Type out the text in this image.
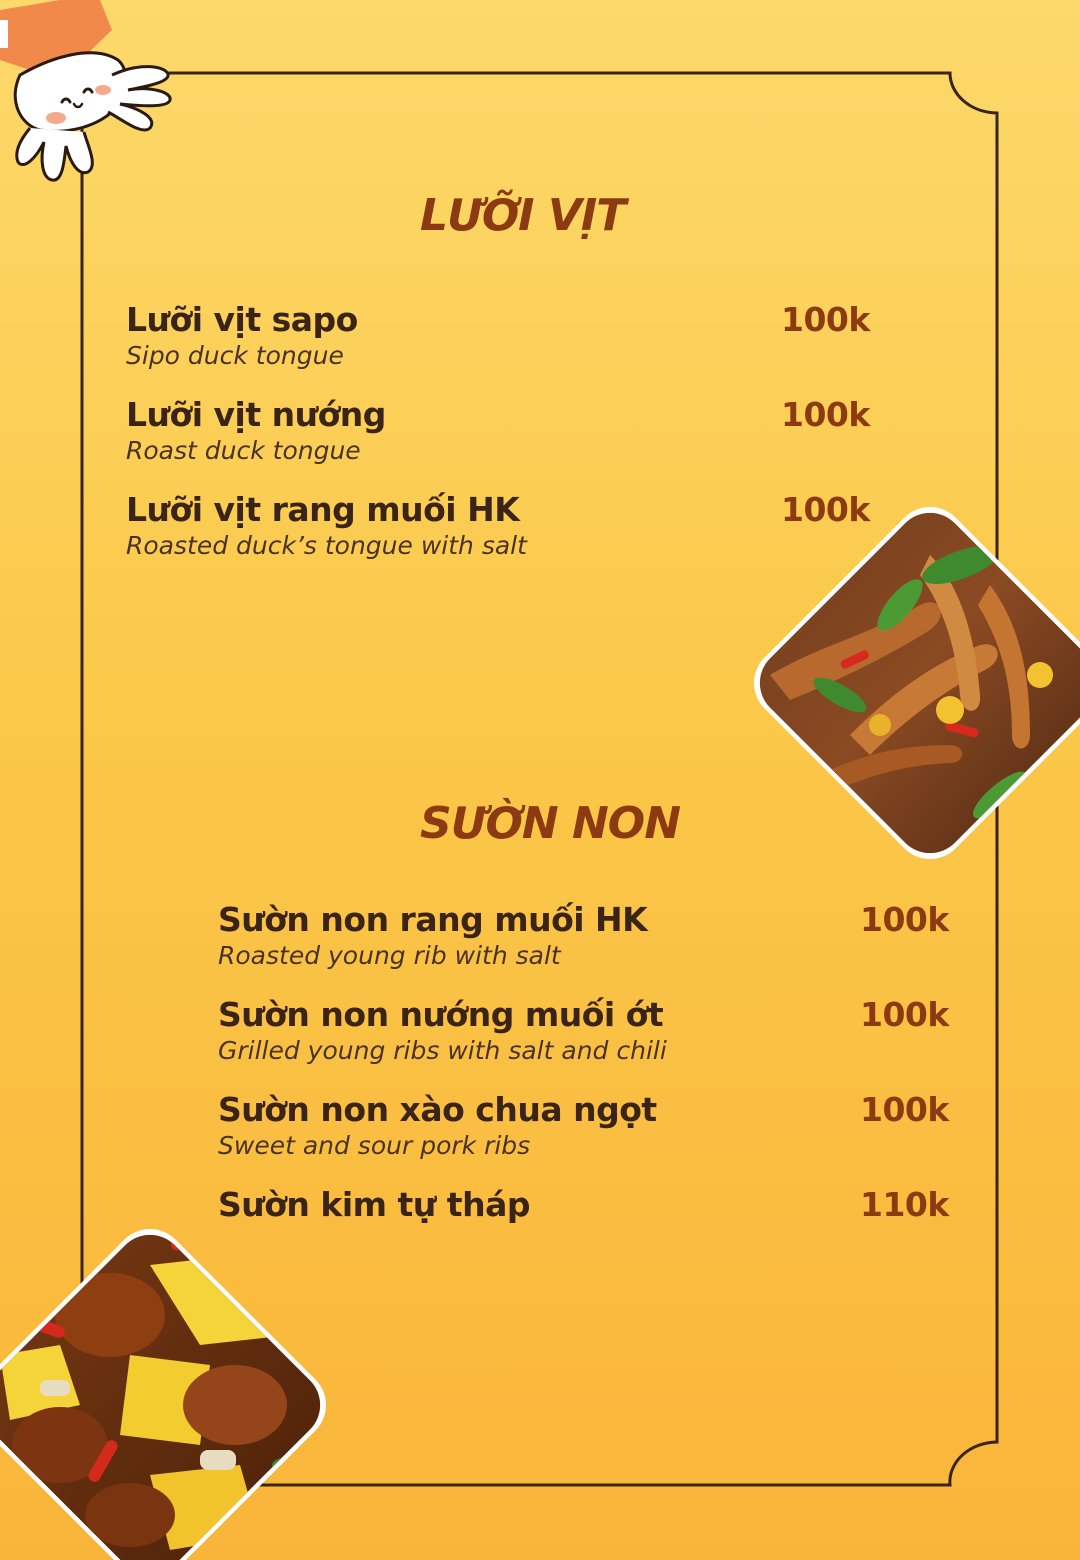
LƯỠI VỊT
Lưỡi vịt sapo
Sipo duck tongue
100k
Lưỡi vịt nướng
Roast duck tongue
100k
Lưỡi vịt rang muối HK
Roasted duck’s tongue with salt
100k
SƯỜN NON
Sườn non rang muối HK
Roasted young rib with salt
100k
Sườn non nướng muối ớt
Grilled young ribs with salt and chili
100k
Sườn non xào chua ngọt
Sweet and sour pork ribs
100k
Sườn kim tự tháp	110k
